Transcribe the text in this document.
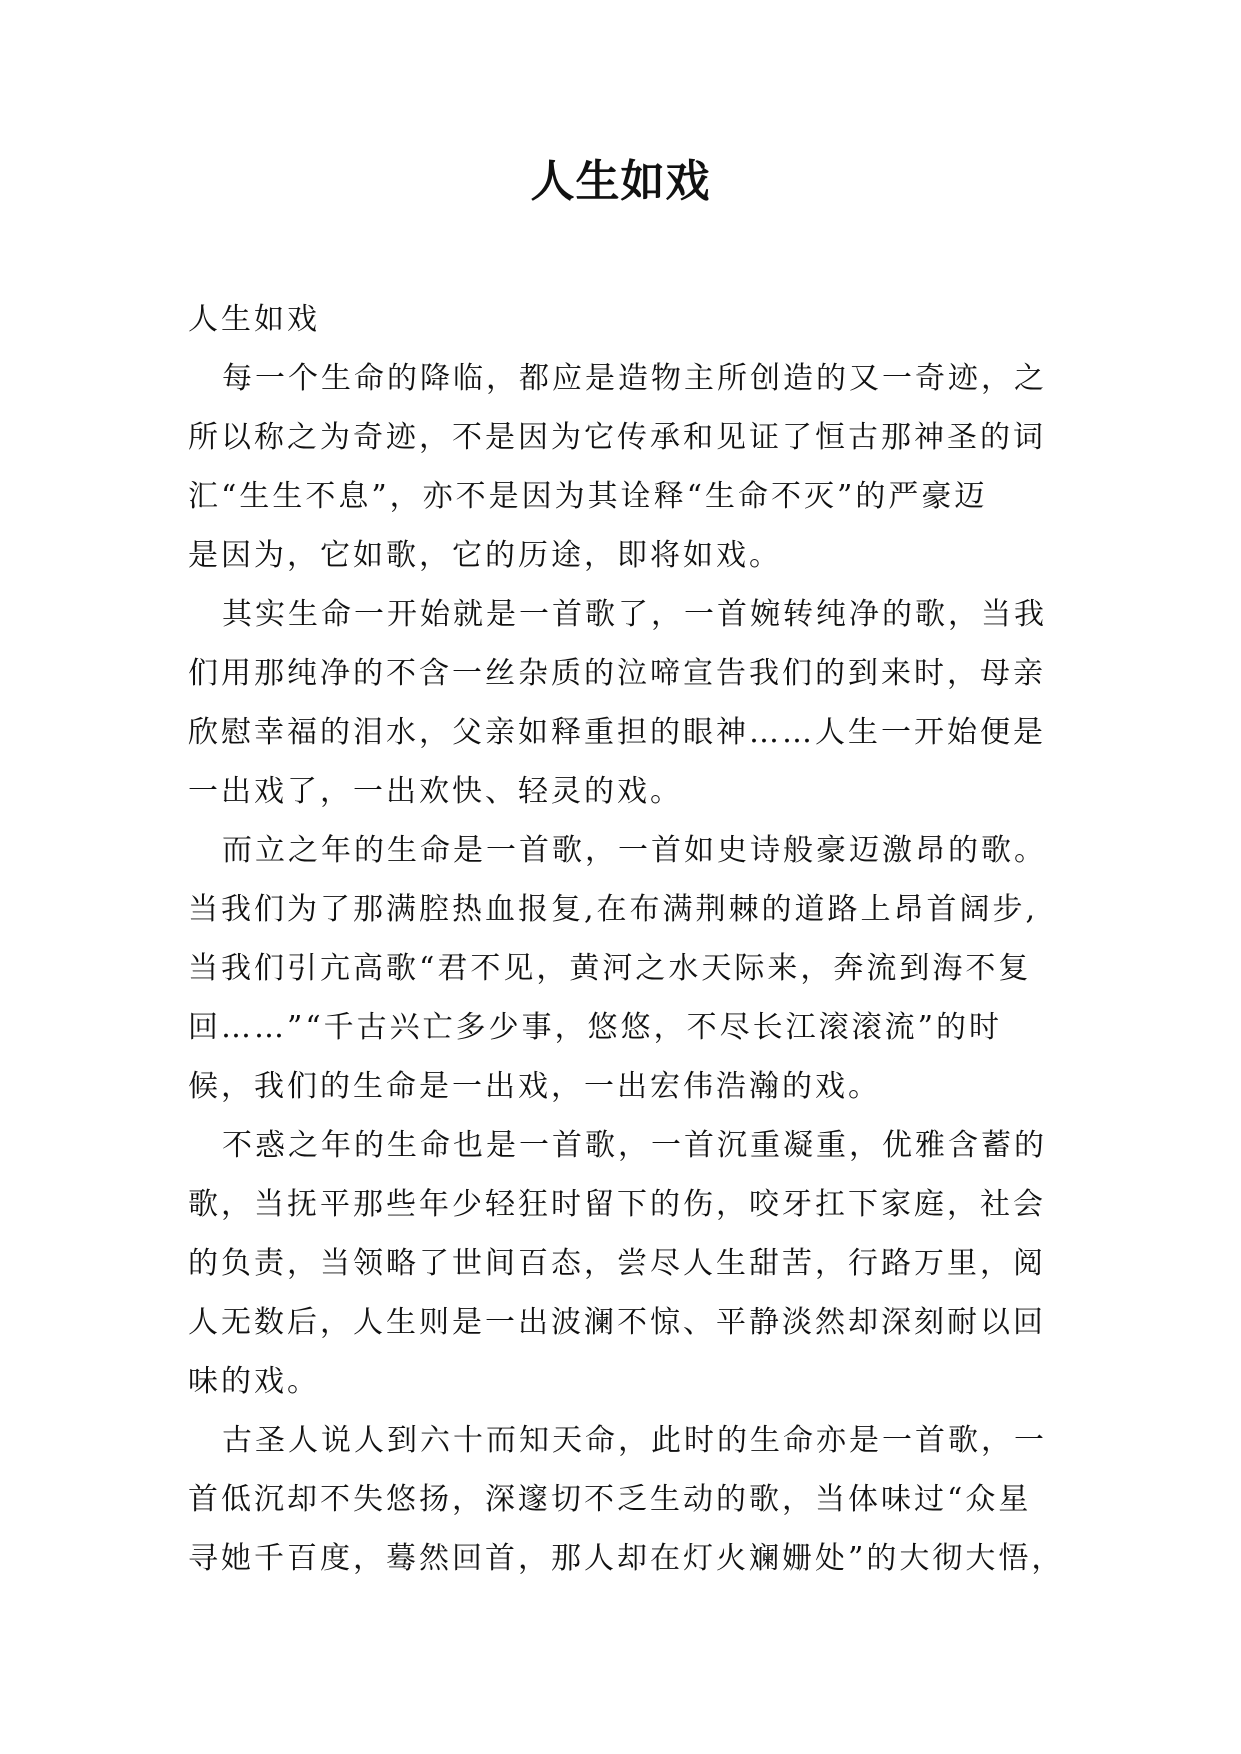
人生如戏
人生如戏
每一个生命的降临，都应是造物主所创造的又一奇迹，之
所以称之为奇迹，不是因为它传承和见证了恒古那神圣的词
汇“生生不息”，亦不是因为其诠释“生命不灭”的严豪迈
是因为，它如歌，它的历途，即将如戏。
其实生命一开始就是一首歌了，一首婉转纯净的歌，当我
们用那纯净的不含一丝杂质的泣啼宣告我们的到来时，母亲
欣慰幸福的泪水，父亲如释重担的眼神……人生一开始便是
一出戏了，一出欢快、轻灵的戏。
而立之年的生命是一首歌，一首如史诗般豪迈激昂的歌。
当我们为了那满腔热血报复,在布满荆棘的道路上昂首阔步,
当我们引亢高歌“君不见，黄河之水天际来，奔流到海不复
回……”“千古兴亡多少事，悠悠，不尽长江滚滚流”的时
候，我们的生命是一出戏，一出宏伟浩瀚的戏。
不惑之年的生命也是一首歌，一首沉重凝重，优雅含蓄的
歌，当抚平那些年少轻狂时留下的伤，咬牙扛下家庭，社会
的负责，当领略了世间百态，尝尽人生甜苦，行路万里，阅
人无数后，人生则是一出波澜不惊、平静淡然却深刻耐以回
味的戏。
古圣人说人到六十而知天命，此时的生命亦是一首歌，一
首低沉却不失悠扬，深邃切不乏生动的歌，当体味过“众星
寻她千百度，蓦然回首，那人却在灯火斓姗处”的大彻大悟，
